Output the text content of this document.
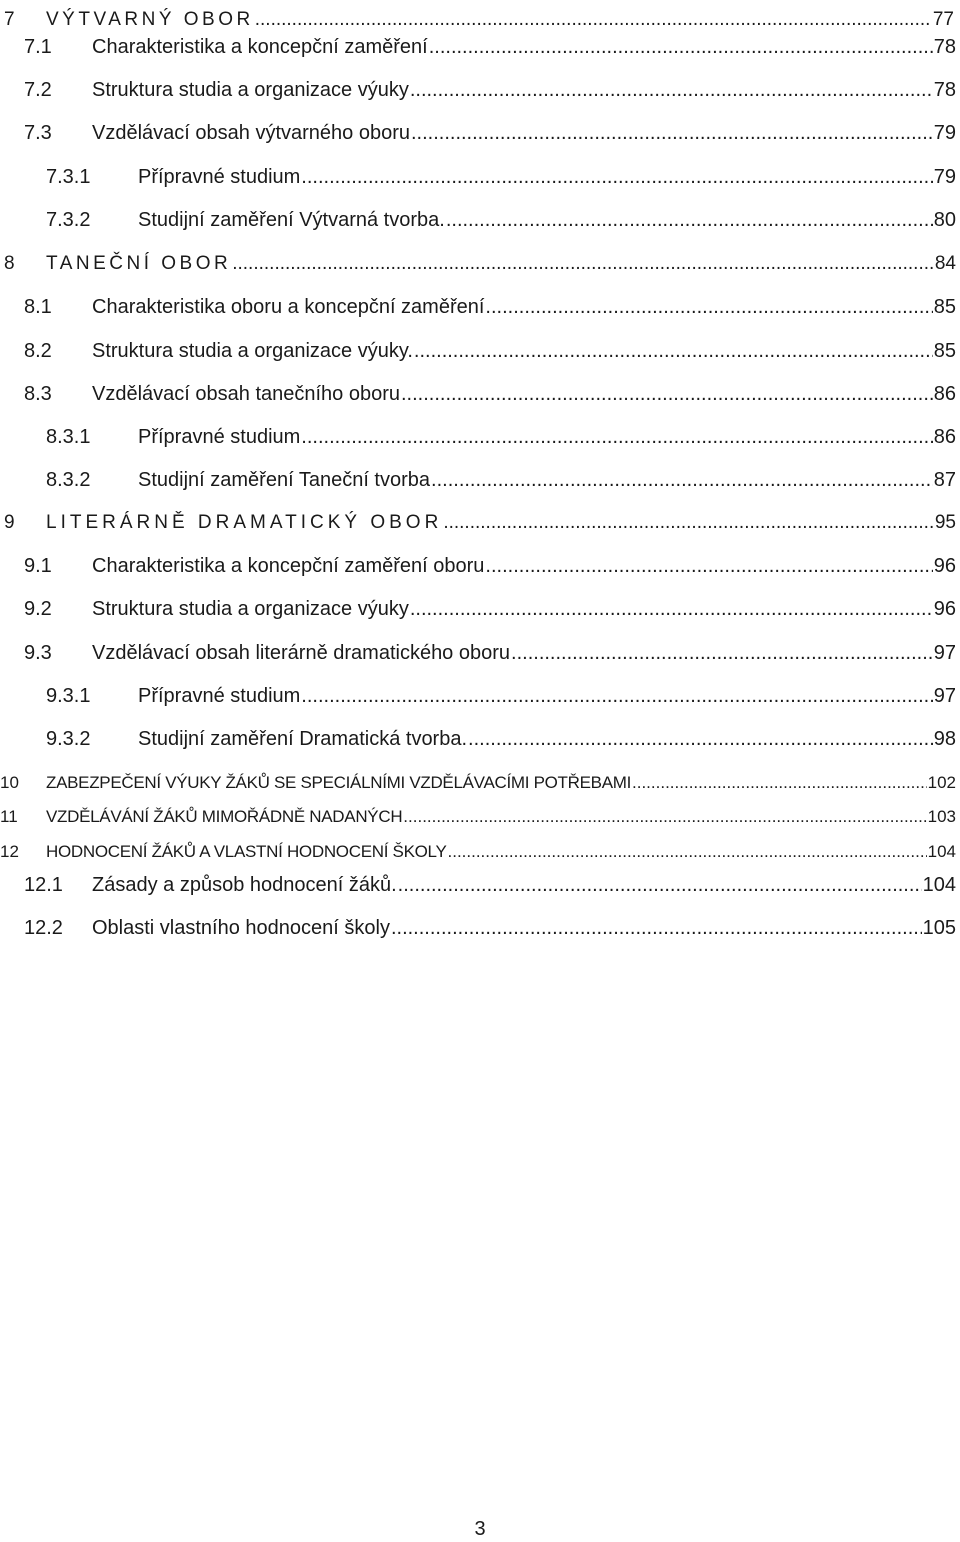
7 VÝTVARNÝ OBOR .....	77
7.1 Charakteristika a koncepční zaměření .....	78
7.2 Struktura studia a organizace výuky .....	78
7.3 Vzdělávací obsah výtvarného oboru .....	79
7.3.1 Přípravné studium .....	79
7.3.2 Studijní zaměření Výtvarná tvorba. .....	80
8 TANEČNÍ OBOR .....	84
8.1 Charakteristika oboru a koncepční zaměření .....	85
8.2 Struktura studia a organizace výuky. .....	85
8.3 Vzdělávací obsah tanečního oboru .....	86
8.3.1 Přípravné studium .....	86
8.3.2 Studijní zaměření Taneční tvorba .....	87
9 LITERÁRNĚ DRAMATICKÝ OBOR .....	95
9.1 Charakteristika a koncepční zaměření oboru .....	96
9.2 Struktura studia a organizace výuky .....	96
9.3 Vzdělávací obsah literárně dramatického oboru .....	97
9.3.1 Přípravné studium .....	97
9.3.2 Studijní zaměření Dramatická tvorba. .....	98
10 ZABEZPEČENÍ VÝUKY ŽÁKŮ SE SPECIÁLNÍMI VZDĚLÁVACÍMI POTŘEBAMI .....	102
11 VZDĚLÁVÁNÍ ŽÁKŮ MIMOŘÁDNĚ NADANÝCH .....	103
12 HODNOCENÍ ŽÁKŮ A VLASTNÍ HODNOCENÍ ŠKOLY .....	104
12.1 Zásady a způsob hodnocení žáků. .....	104
12.2 Oblasti vlastního hodnocení školy .....	105
3
